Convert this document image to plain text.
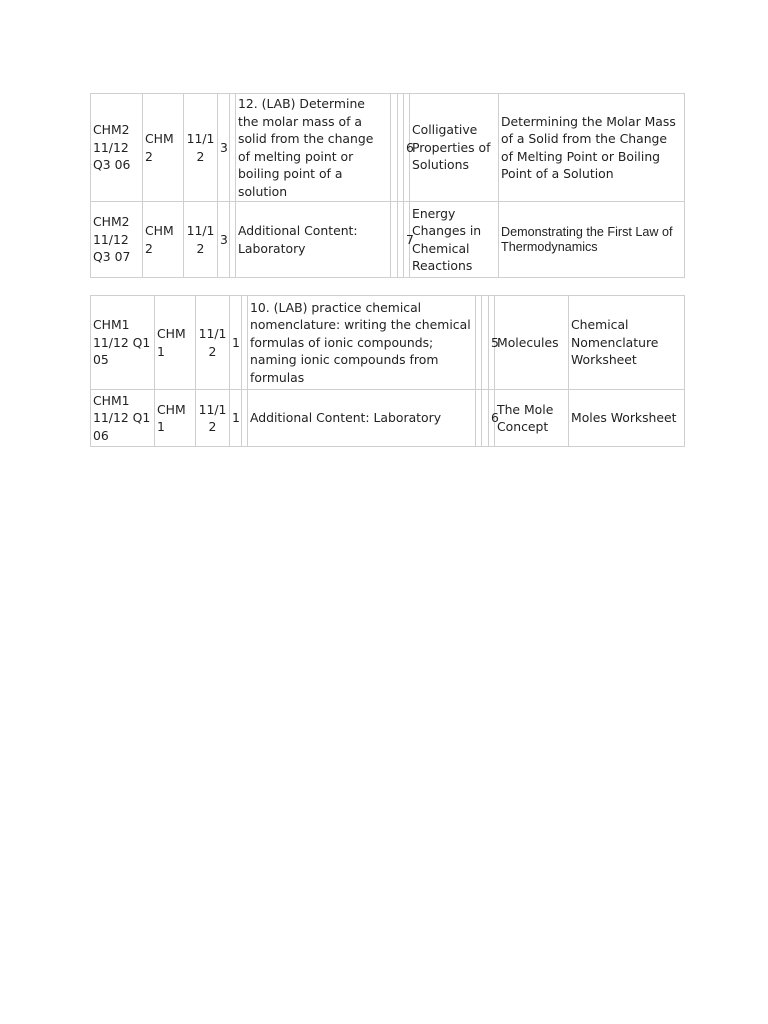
CHM2 11/12 Q3 06	CHM 2	11/1 2	3		12. (LAB) Determine the molar mass of a solid from the change of melting point or boiling point of a solution			6	Colligative Properties of Solutions	Determining the Molar Mass of a Solid from the Change of Melting Point or Boiling Point of a Solution
CHM2 11/12 Q3 07	CHM 2	11/1 2	3		Additional Content: Laboratory			7	Energy Changes in Chemical Reactions	Demonstrating the First Law of Thermodynamics
CHM1 11/12 Q1 05	CHM 1	11/1 2	1		10. (LAB) practice chemical nomenclature: writing the chemical formulas of ionic compounds; naming ionic compounds from formulas			5	Molecules	Chemical Nomenclature Worksheet
CHM1 11/12 Q1 06	CHM 1	11/1 2	1		Additional Content: Laboratory			6	The Mole Concept	Moles Worksheet
